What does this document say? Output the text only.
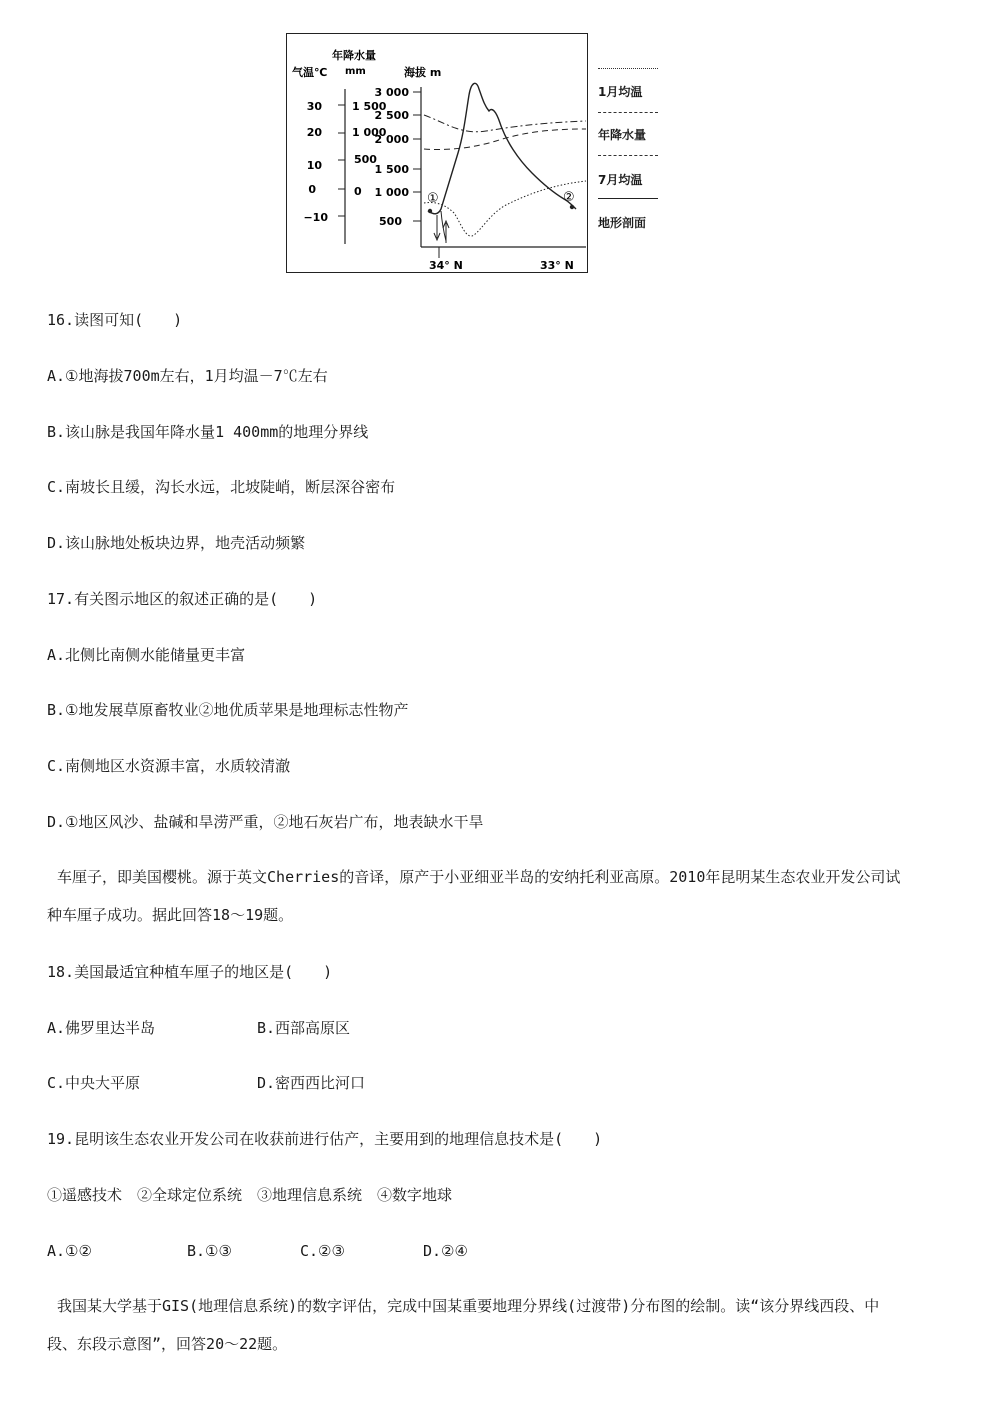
年降水量
气温℃ mm	海拔 m
30
20
10
0
−10
1 500
1 000
500
0
3 000
2 500
2 000
1 500
1 000
500
①	②
34° N	33° N
1月均温
年降水量
7月均温
地形剖面
16.读图可知(　　)
A.①地海拔700m左右，1月均温－7℃左右
B.该山脉是我国年降水量1 400mm的地理分界线
C.南坡长且缓，沟长水远，北坡陡峭，断层深谷密布
D.该山脉地处板块边界，地壳活动频繁
17.有关图示地区的叙述正确的是(　　)
A.北侧比南侧水能储量更丰富
B.①地发展草原畜牧业②地优质苹果是地理标志性物产
C.南侧地区水资源丰富，水质较清澈
D.①地区风沙、盐碱和旱涝严重，②地石灰岩广布，地表缺水干旱
车厘子，即美国樱桃。源于英文Cherries的音译，原产于小亚细亚半岛的安纳托利亚高原。2010年昆明某生态农业开发公司试种车厘子成功。据此回答18～19题。
18.美国最适宜种植车厘子的地区是(　　)
A.佛罗里达半岛	B.西部高原区
C.中央大平原	D.密西西比河口
19.昆明该生态农业开发公司在收获前进行估产，主要用到的地理信息技术是(　　)
①遥感技术　②全球定位系统　③地理信息系统　④数字地球
A.①②	B.①③	C.②③	D.②④
我国某大学基于GIS(地理信息系统)的数字评估，完成中国某重要地理分界线(过渡带)分布图的绘制。读“该分界线西段、中段、东段示意图”，回答20～22题。
